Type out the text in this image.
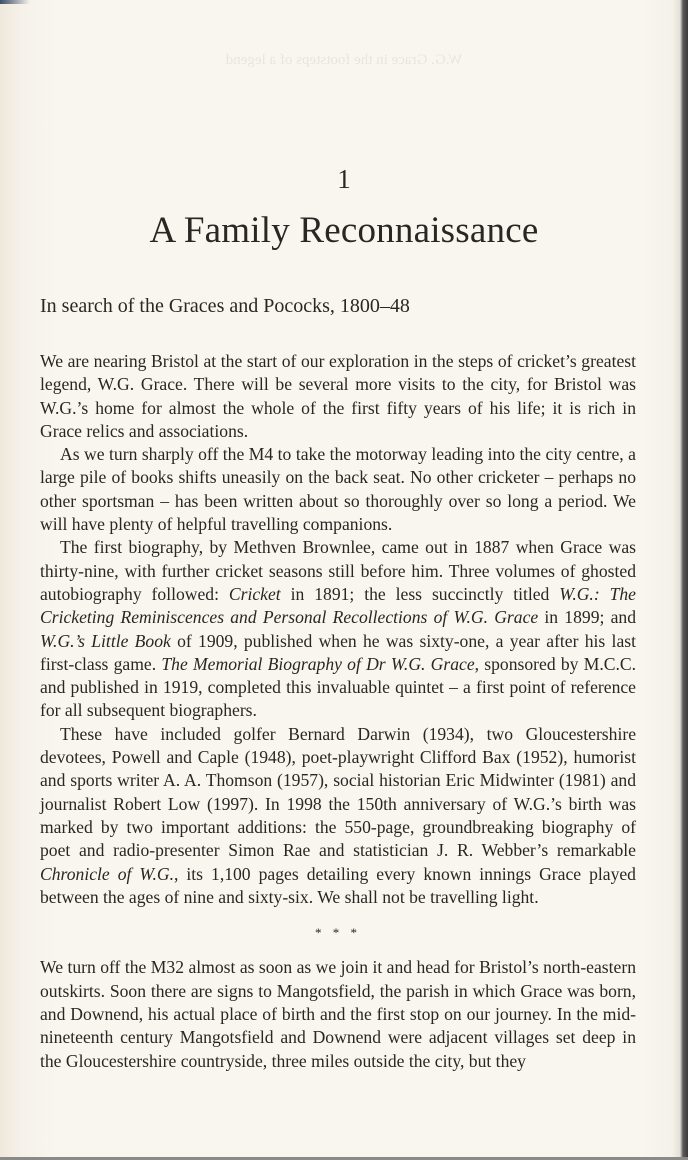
W.G. Grace in the footsteps of a legend
1
A Family Reconnaissance
In search of the Graces and Pococks, 1800–48

We are nearing Bristol at the start of our exploration in the steps of cricket’s greatest legend, W.G. Grace. There will be several more visits to the city, for Bristol was W.G.’s home for almost the whole of the first fifty years of his life; it is rich in Grace relics and associations.

As we turn sharply off the M4 to take the motorway leading into the city centre, a large pile of books shifts uneasily on the back seat. No other cricketer – perhaps no other sportsman – has been written about so thoroughly over so long a period. We will have plenty of helpful travelling companions.

The first biography, by Methven Brownlee, came out in 1887 when Grace was thirty-nine, with further cricket seasons still before him. Three volumes of ghosted autobiography followed: Cricket in 1891; the less succinctly titled W.G.: The Cricketing Reminiscences and Personal Recollections of W.G. Grace in 1899; and W.G.’s Little Book of 1909, published when he was sixty-one, a year after his last first-class game. The Memorial Biography of Dr W.G. Grace, sponsored by M.C.C. and published in 1919, completed this invaluable quintet – a first point of reference for all subsequent biographers.

These have included golfer Bernard Darwin (1934), two Gloucestershire devotees, Powell and Caple (1948), poet-playwright Clifford Bax (1952), humorist and sports writer A. A. Thomson (1957), social historian Eric Midwinter (1981) and journalist Robert Low (1997). In 1998 the 150th anniversary of W.G.’s birth was marked by two important additions: the 550-page, groundbreaking biography of poet and radio-presenter Simon Rae and statistician J. R. Webber’s remarkable Chronicle of W.G., its 1,100 pages detailing every known innings Grace played between the ages of nine and sixty-six. We shall not be travelling light.

* * *

We turn off the M32 almost as soon as we join it and head for Bristol’s north-eastern outskirts. Soon there are signs to Mangotsfield, the parish in which Grace was born, and Downend, his actual place of birth and the first stop on our journey. In the mid-nineteenth century Mangotsfield and Downend were adjacent villages set deep in the Gloucestershire countryside, three miles outside the city, but they
